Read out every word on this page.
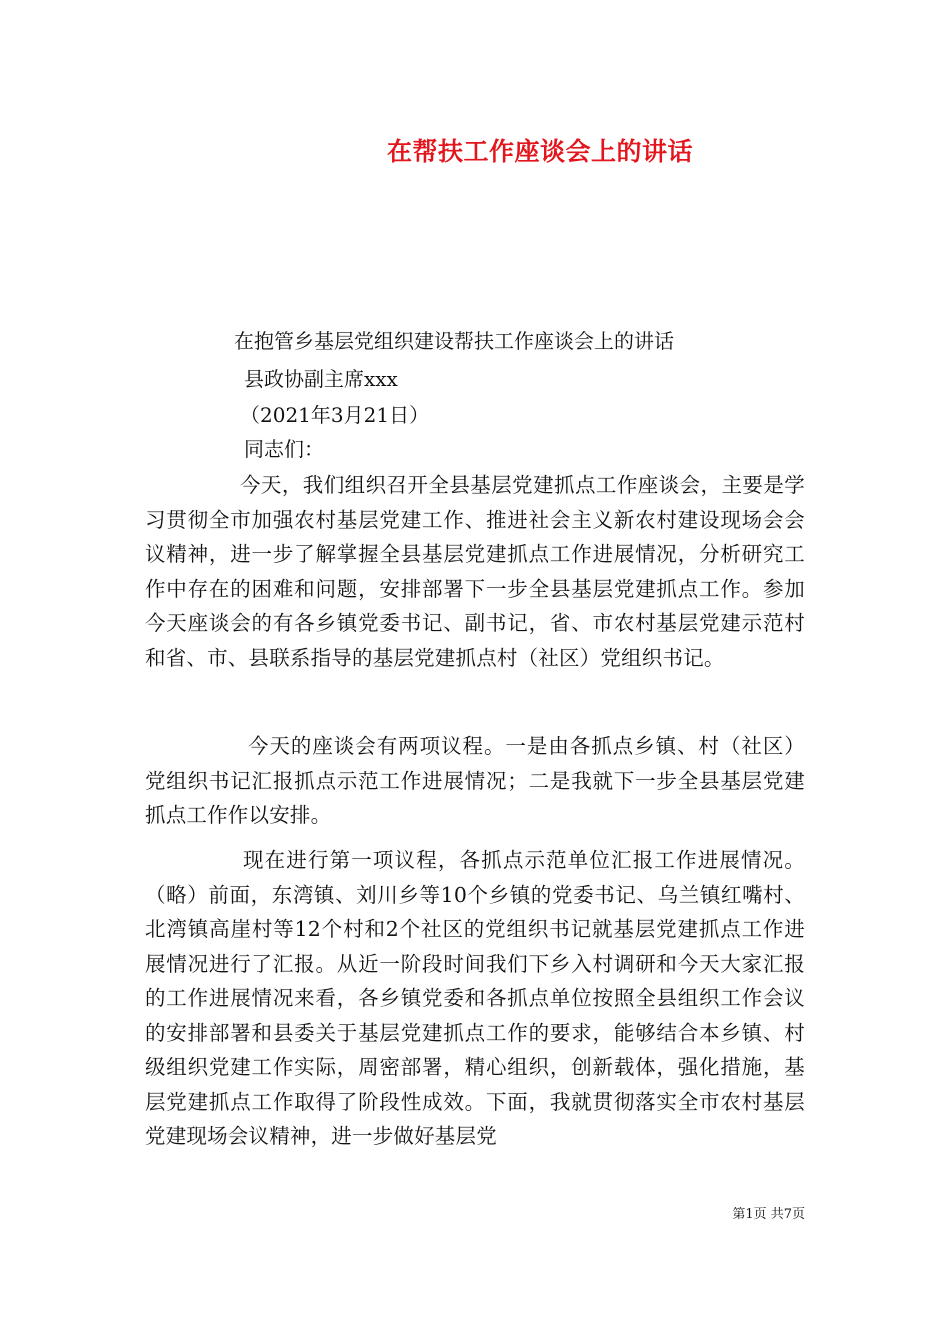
在帮扶工作座谈会上的讲话
在抱管乡基层党组织建设帮扶工作座谈会上的讲话
县政协副主席xxx
（2021年3月21日）
同志们：

今天，我们组织召开全县基层党建抓点工作座谈会，主要是学习贯彻全市加强农村基层党建工作、推进社会主义新农村建设现场会会议精神，进一步了解掌握全县基层党建抓点工作进展情况，分析研究工作中存在的困难和问题，安排部署下一步全县基层党建抓点工作。参加今天座谈会的有各乡镇党委书记、副书记，省、市农村基层党建示范村和省、市、县联系指导的基层党建抓点村（社区）党组织书记。

今天的座谈会有两项议程。一是由各抓点乡镇、村（社区）党组织书记汇报抓点示范工作进展情况；二是我就下一步全县基层党建抓点工作作以安排。

现在进行第一项议程，各抓点示范单位汇报工作进展情况。（略）前面，东湾镇、刘川乡等10个乡镇的党委书记、乌兰镇红嘴村、北湾镇高崖村等12个村和2个社区的党组织书记就基层党建抓点工作进展情况进行了汇报。从近一阶段时间我们下乡入村调研和今天大家汇报的工作进展情况来看，各乡镇党委和各抓点单位按照全县组织工作会议的安排部署和县委关于基层党建抓点工作的要求，能够结合本乡镇、村级组织党建工作实际，周密部署，精心组织，创新载体，强化措施，基层党建抓点工作取得了阶段性成效。下面，我就贯彻落实全市农村基层党建现场会议精神，进一步做好基层党

第1页 共7页
